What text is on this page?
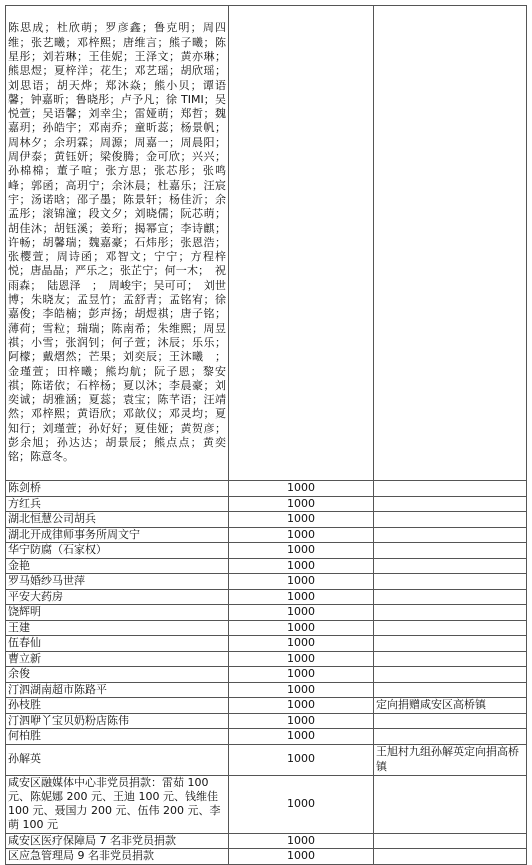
陈思成；杜欣萌；罗彦鑫；鲁克明；周四维；张艺曦；邓梓熙；唐维言；熊子曦；陈星彤；刘若琳；王佳妮；王泽文；黄亦琳；熊思煜；夏梓洋；花生；邓艺瑶；胡欣瑶；刘思语；胡天烨；郑沐焱；熊小贝；谭语馨；钟嘉昕；鲁晓彤；卢予凡；徐 TIMI；吴悦萱；吴语馨；刘幸尘；雷娅萌；郑哲；魏嘉玥；孙皓宇；邓南乔；童昕蕊；杨景帆；周林夕；余玥霖；周源；周嘉一；周晨阳；周伊泰；黄钰妍；梁俊腾；金可欣；兴兴；孙棉棉；董子喧；张方思；张芯彤；张鸣峰；郭函；高玥宁；余沐晨；杜嘉乐；汪宸宇；汤诺晗；邵子墨；陈景轩；杨佳沂；余孟彤；滚锦潼；段文夕；刘晓儒；阮芯萌；胡佳沐；胡钰溪；姜珩；揭幂宣；李诗麒；许畅；胡馨瑞；魏嘉豪；石炜彤；张恩浩；张樱萱；周诗函；邓智文；宁宁；方程梓悦；唐晶晶；严乐之；张芷宁；何一木；　祝雨森；　陆恩泽　；　周峻宇；吴可可；　刘世博；朱晓友；孟昱竹；孟舒青；孟铭宥；徐嘉俊；李皓楠；彭声扬；胡煜祺；唐子铭；薄荷；雪粒；瑞瑞；陈南希；朱维熙；周昱祺；小雪；张润钊；何子萱；沐辰；乐乐；阿檬；戴熠然；芒果；刘奕辰；王沐曦　；金瑾萱；田梓曦；熊均航；阮子恩；黎安祺；陈诺依；石梓杨；夏以沐；李晨豪；刘奕诚；胡雅涵；夏蕊；袁宝；陈芊语；汪靖然；邓梓熙；黄语欣；邓歆仪；邓灵均；夏知行；刘瑾萱；孙好好；夏佳娅；黄贺彦；彭余旭；孙达达；胡景辰；熊点点；黄奕铭；陈意冬。		
陈剑桥	1000	
方红兵	1000	
湖北恒慧公司胡兵	1000	
湖北开成律师事务所周文宁	1000	
华宁防腐（石家权）	1000	
金艳	1000	
罗马婚纱马世萍	1000	
平安大药房	1000	
饶辉明	1000	
王建	1000	
伍春仙	1000	
曹立新	1000	
余俊	1000	
汀泗湖南超市陈路平	1000	
孙枝胜	1000	定向捐赠咸安区高桥镇
汀泗咿丫宝贝奶粉店陈伟	1000	
何柏胜	1000	
孙解英	1000	王旭村九组孙解英定向捐高桥镇
咸安区融媒体中心非党员捐款：雷茹 100 元、陈妮娜 200 元、王迪 100 元、钱维佳 100 元、聂国力 200 元、伍伟 200 元、李萌 100 元	1000	
咸安区医疗保障局 7 名非党员捐款	1000	
区应急管理局 9 名非党员捐款	1000	
